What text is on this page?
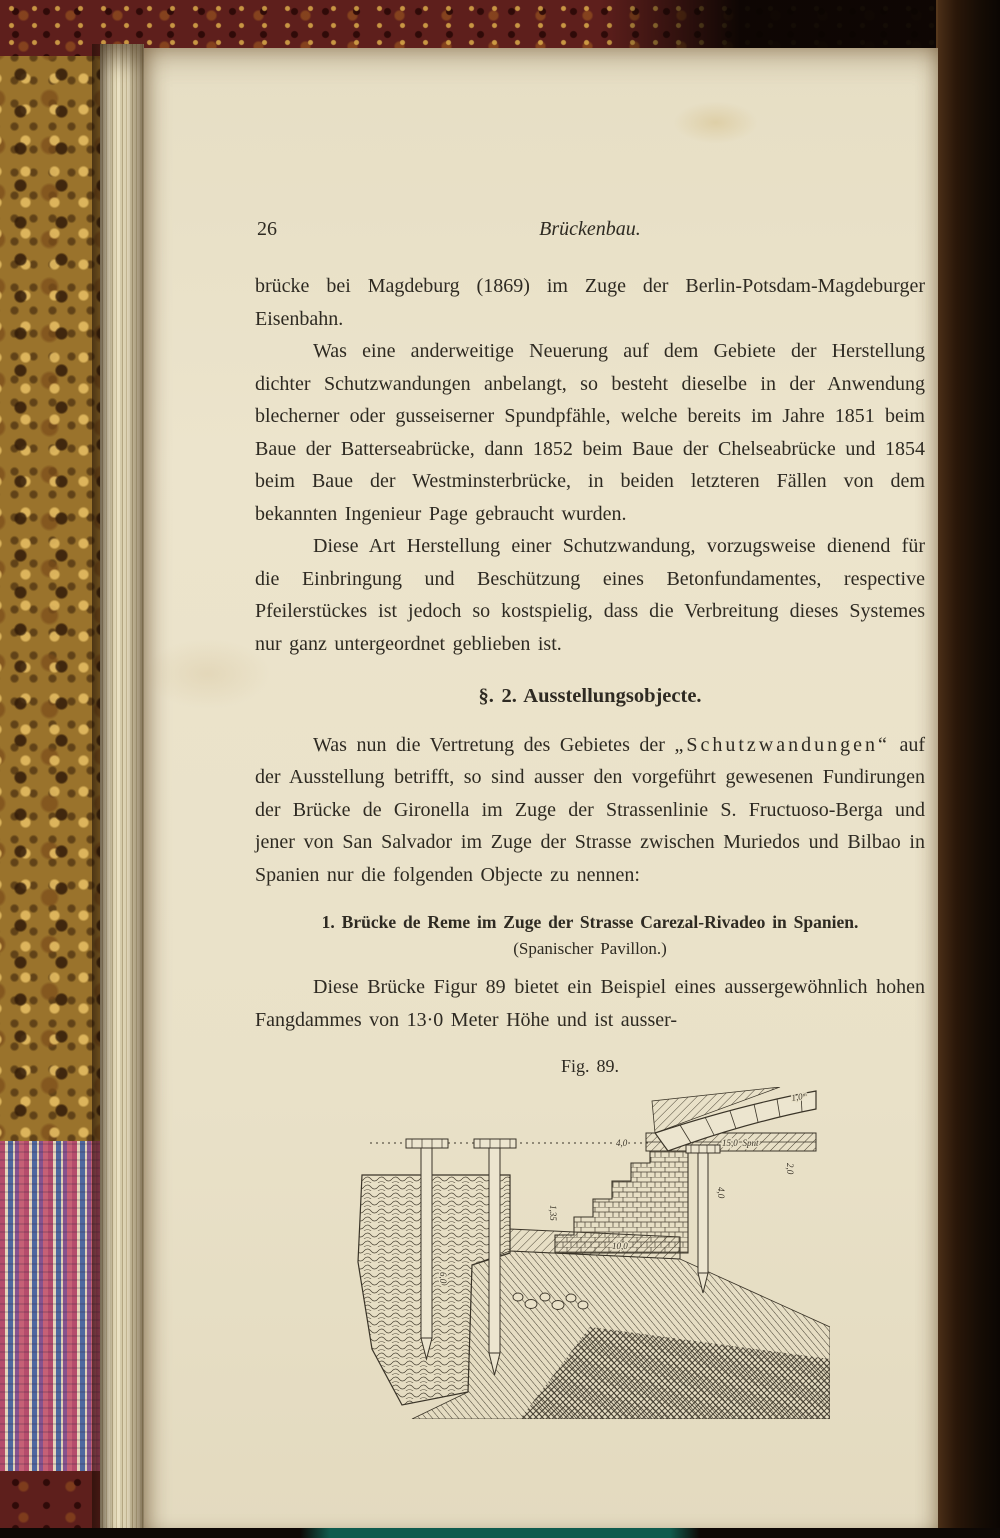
26	Brückenbau.

brücke bei Magdeburg (1869) im Zuge der Berlin-Potsdam-Magdeburger Eisenbahn.

Was eine anderweitige Neuerung auf dem Gebiete der Herstellung dichter Schutzwandungen anbelangt, so besteht dieselbe in der Anwendung blecherner oder gusseiserner Spundpfähle, welche bereits im Jahre 1851 beim Baue der Batterseabrücke, dann 1852 beim Baue der Chelseabrücke und 1854 beim Baue der Westminsterbrücke, in beiden letzteren Fällen von dem bekannten Ingenieur Page gebraucht wurden.

Diese Art Herstellung einer Schutzwandung, vorzugsweise dienend für die Einbringung und Beschützung eines Betonfundamentes, respective Pfeilerstückes ist jedoch so kostspielig, dass die Verbreitung dieses Systemes nur ganz untergeordnet geblieben ist.

§. 2. Ausstellungsobjecte.

Was nun die Vertretung des Gebietes der „Schutzwandungen“ auf der Ausstellung betrifft, so sind ausser den vorgeführt gewesenen Fundirungen der Brücke de Gironella im Zuge der Strassenlinie S. Fructuoso-Berga und jener von San Salvador im Zuge der Strasse zwischen Muriedos und Bilbao in Spanien nur die folgenden Objecte zu nennen:

1. Brücke de Reme im Zuge der Strasse Carezal-Rivadeo in Spanien.
(Spanischer Pavillon.)

Diese Brücke Figur 89 bietet ein Beispiel eines aussergewöhnlich hohen Fangdammes von 13·0 Meter Höhe und ist ausser-

Fig. 89.
1,0ᵐ
4,0	15,0 Spnt
2,0
4,0
1,35
10,0
6,0
